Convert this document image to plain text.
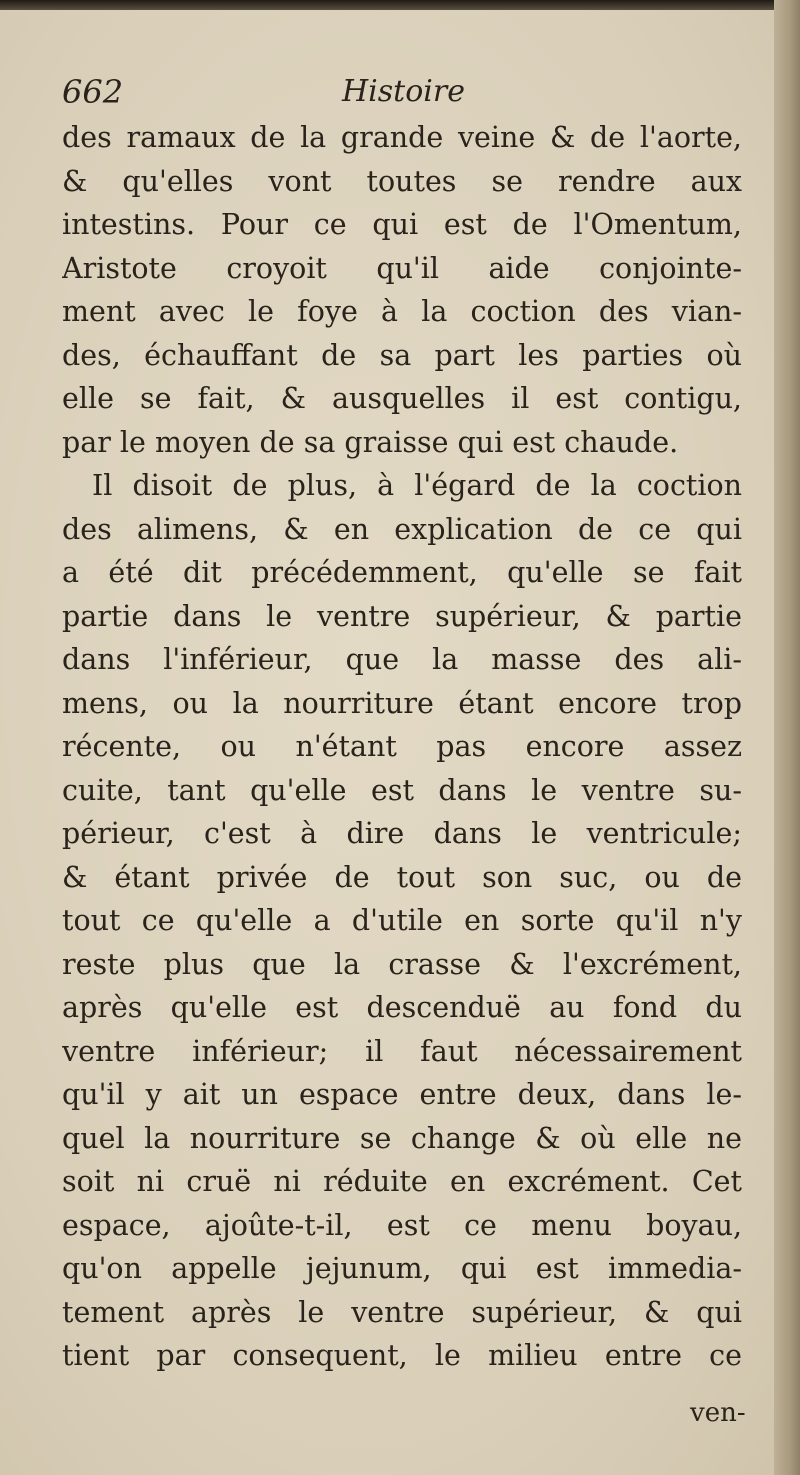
662	Histoire
des ramaux de la grande veine & de l'aorte,
& qu'elles vont toutes se rendre aux
intestins. Pour ce qui est de l'Omentum,
Aristote croyoit qu'il aide conjointe-
ment avec le foye à la coction des vian-
des, échauffant de sa part les parties où
elle se fait, & ausquelles il est contigu,
par le moyen de sa graisse qui est chaude.
Il disoit de plus, à l'égard de la coction
des alimens, & en explication de ce qui
a été dit précédemment, qu'elle se fait
partie dans le ventre supérieur, & partie
dans l'inférieur, que la masse des ali-
mens, ou la nourriture étant encore trop
récente, ou n'étant pas encore assez
cuite, tant qu'elle est dans le ventre su-
périeur, c'est à dire dans le ventricule;
& étant privée de tout son suc, ou de
tout ce qu'elle a d'utile en sorte qu'il n'y
reste plus que la crasse & l'excrément,
après qu'elle est descenduë au fond du
ventre inférieur; il faut nécessairement
qu'il y ait un espace entre deux, dans le-
quel la nourriture se change & où elle ne
soit ni cruë ni réduite en excrément. Cet
espace, ajoûte-t-il, est ce menu boyau,
qu'on appelle jejunum, qui est immedia-
tement après le ventre supérieur, & qui
tient par consequent, le milieu entre ce
ven-
